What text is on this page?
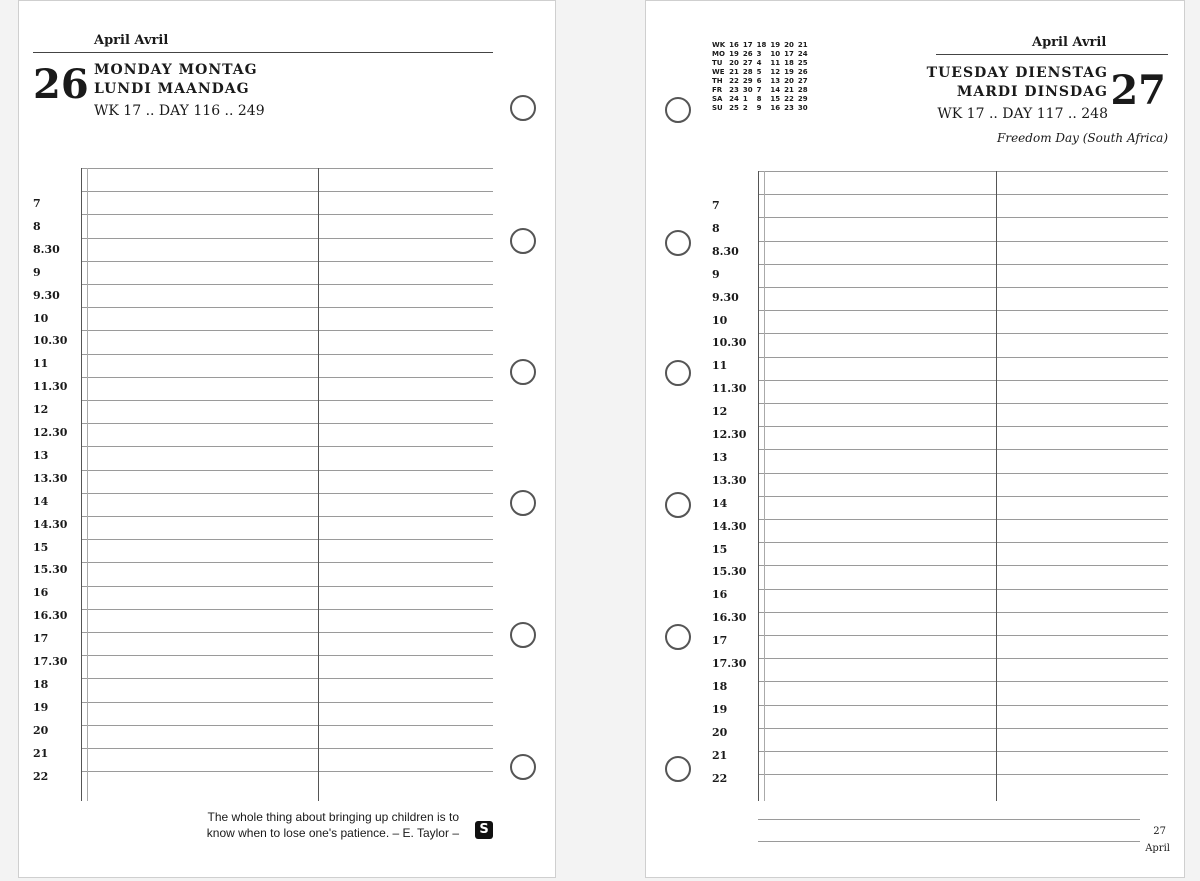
April Avril
26 MONDAY MONTAG
LUNDI MAANDAG
WK 17 .. DAY 116 .. 249
7
8
8.30
9
9.30
10
10.30
11
11.30
12
12.30
13
13.30
14
14.30
15
15.30
16
16.30
17
17.30
18
19
20
21
22
The whole thing about bringing up children is to
know when to lose one's patience. – E. Taylor –	S
WK	16	17	18	19	20	21
MO	19	26	3	10	17	24
TU	20	27	4	11	18	25
WE	21	28	5	12	19	26
TH	22	29	6	13	20	27
FR	23	30	7	14	21	28
SA	24	1	8	15	22	29
SU	25	2	9	16	23	30
April Avril
TUESDAY DIENSTAG
MARDI DINSDAG 27
WK 17 .. DAY 117 .. 248
Freedom Day (South Africa)
7
8
8.30
9
9.30
10
10.30
11
11.30
12
12.30
13
13.30
14
14.30
15
15.30
16
16.30
17
17.30
18
19
20
21
22
27
April
